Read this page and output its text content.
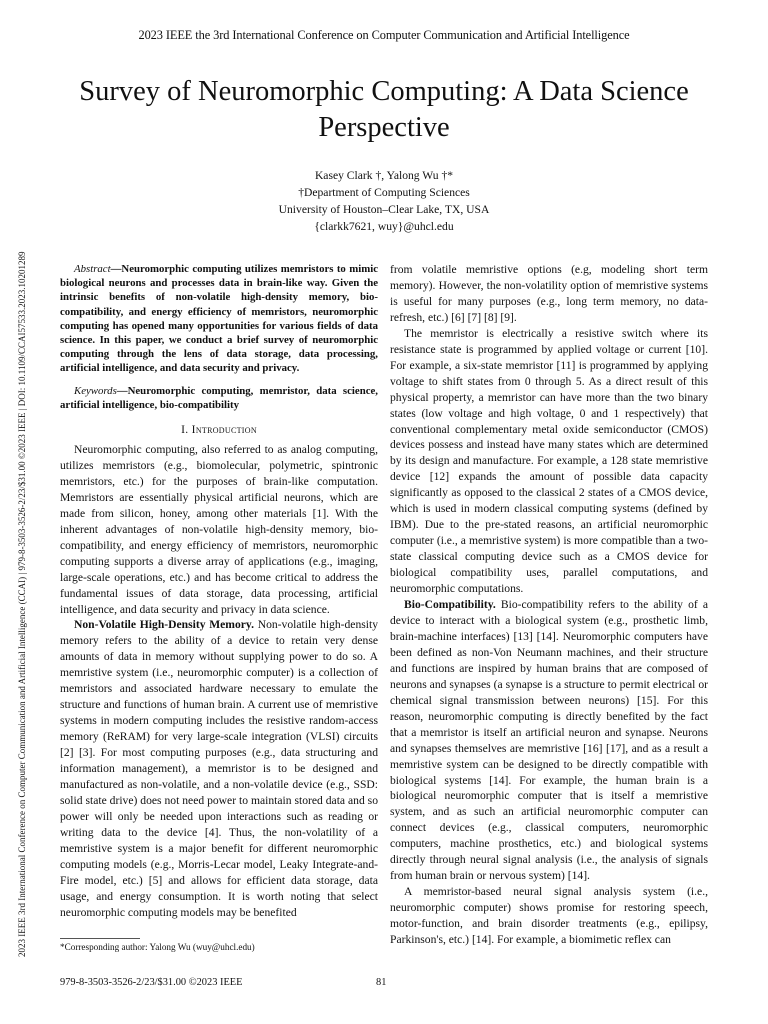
2023 IEEE the 3rd International Conference on Computer Communication and Artificial Intelligence
2023 IEEE 3rd International Conference on Computer Communication and Artificial Intelligence (CCAI) | 979-8-3503-3526-2/23/$31.00 ©2023 IEEE | DOI: 10.1109/CCAI57533.2023.10201289
Survey of Neuromorphic Computing: A Data Science Perspective
Kasey Clark †, Yalong Wu †*
†Department of Computing Sciences
University of Houston–Clear Lake, TX, USA
{clarkk7621, wuy}@uhcl.edu

Abstract—Neuromorphic computing utilizes memristors to mimic biological neurons and processes data in brain-like way. Given the intrinsic benefits of non-volatile high-density memory, bio-compatibility, and energy efficiency of memristors, neuromorphic computing has opened many opportunities for various fields of data science. In this paper, we conduct a brief survey of neuromorphic computing through the lens of data storage, data processing, artificial intelligence, and data security and privacy.

Keywords—Neuromorphic computing, memristor, data science, artificial intelligence, bio-compatibility

I. Introduction

Neuromorphic computing, also referred to as analog computing, utilizes memristors (e.g., biomolecular, polymetric, spintronic memristors, etc.) for the purposes of brain-like computation. Memristors are essentially physical artificial neurons, which are made from silicon, honey, among other materials [1]. With the inherent advantages of non-volatile high-density memory, bio-compatibility, and energy efficiency of memristors, neuromorphic computing supports a diverse array of applications (e.g., imaging, large-scale operations, etc.) and has become critical to address the fundamental issues of data storage, data processing, artificial intelligence, and data security and privacy in data science.

Non-Volatile High-Density Memory. Non-volatile high-density memory refers to the ability of a device to retain very dense amounts of data in memory without supplying power to do so. A memristive system (i.e., neuromorphic computer) is a collection of memristors and associated hardware necessary to emulate the structure and functions of human brain. A current use of memristive systems in modern computing includes the resistive random-access memory (ReRAM) for very large-scale integration (VLSI) circuits [2] [3]. For most computing purposes (e.g., data structuring and information management), a memristor is to be designed and manufactured as non-volatile, and a non-volatile device (e.g., SSD: solid state drive) does not need power to maintain stored data and so power will only be needed upon interactions such as reading or writing data to the device [4]. Thus, the non-volatility of a memristive system is a major benefit for different neuromorphic computing models (e.g., Morris-Lecar model, Leaky Integrate-and-Fire model, etc.) [5] and allows for efficient data storage, data usage, and energy consumption. It is worth noting that select neuromorphic computing models may be benefited

from volatile memristive options (e.g, modeling short term memory). However, the non-volatility option of memristive systems is useful for many purposes (e.g., long term memory, no data-refresh, etc.) [6] [7] [8] [9].

The memristor is electrically a resistive switch where its resistance state is programmed by applied voltage or current [10]. For example, a six-state memristor [11] is programmed by applying voltage to shift states from 0 through 5. As a direct result of this physical property, a memristor can have more than the two binary states (low voltage and high voltage, 0 and 1 respectively) that conventional complementary metal oxide semiconductor (CMOS) devices possess and instead have many states which are determined by its design and manufacture. For example, a 128 state memristive device [12] expands the amount of possible data capacity significantly as opposed to the classical 2 states of a CMOS device, which is used in modern classical computing systems (defined by IBM). Due to the pre-stated reasons, an artificial neuromorphic computer (i.e., a memristive system) is more compatible than a two-state classical computing device such as a CMOS device for biological compatibility uses, parallel computations, and neuromorphic computations.

Bio-Compatibility. Bio-compatibility refers to the ability of a device to interact with a biological system (e.g., prosthetic limb, brain-machine interfaces) [13] [14]. Neuromorphic computers have been defined as non-Von Neumann machines, and their structure and functions are inspired by human brains that are composed of neurons and synapses (a synapse is a structure to permit electrical or chemical signal transmission between neurons) [15]. For this reason, neuromorphic computing is directly benefited by the fact that a memristor is itself an artificial neuron and synapse. Neurons and synapses themselves are memristive [16] [17], and as a result a memristive system can be designed to be directly compatible with biological systems [14]. For example, the human brain is a biological neuromorphic computer that is itself a memristive system, and as such an artificial neuromorphic computer can connect devices (e.g., classical computers, neuromorphic computers, machine prosthetics, etc.) and biological systems directly through neural signal analysis (i.e., the analysis of signals from human brain or nervous system) [14].

A memristor-based neural signal analysis system (i.e., neuromorphic computer) shows promise for restoring speech, motor-function, and brain disorder treatments (e.g., epilipsy, Parkinson's, etc.) [14]. For example, a biomimetic reflex can

*Corresponding author: Yalong Wu (wuy@uhcl.edu)
979-8-3503-3526-2/23/$31.00 ©2023 IEEE	81
